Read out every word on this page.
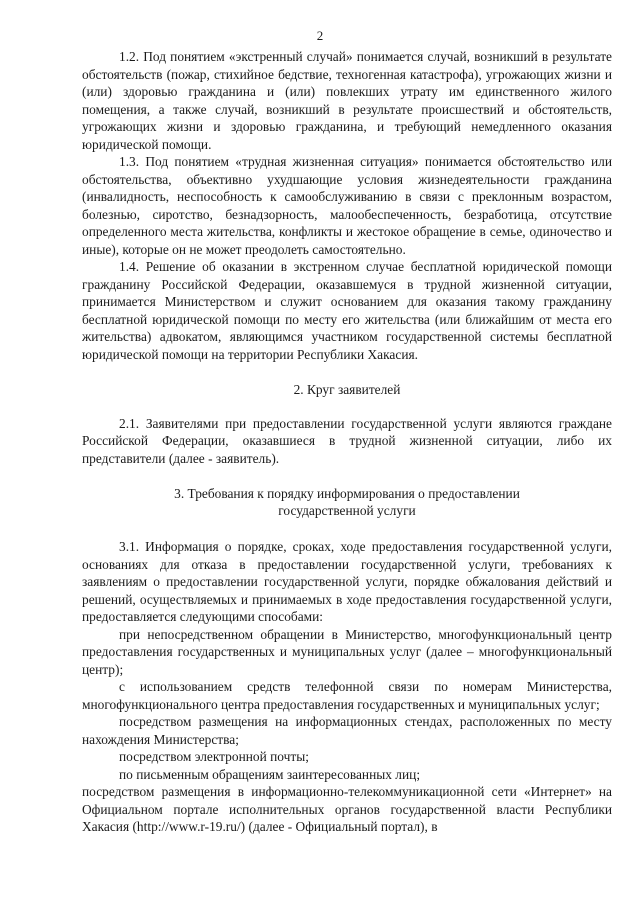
2

1.2. Под понятием «экстренный случай» понимается случай, возникший в результате обстоятельств (пожар, стихийное бедствие, техногенная катастрофа), угрожающих жизни и (или) здоровью гражданина и (или) повлекших утрату им единственного жилого помещения, а также случай, возникший в результате происшествий и обстоятельств, угрожающих жизни и здоровью гражданина, и требующий немедленного оказания юридической помощи.

1.3. Под понятием «трудная жизненная ситуация» понимается обстоятельство или обстоятельства, объективно ухудшающие условия жизнедеятельности гражданина (инвалидность, неспособность к самообслуживанию в связи с преклонным возрастом, болезнью, сиротство, безнадзорность, малообеспеченность, безработица, отсутствие определенного места жительства, конфликты и жестокое обращение в семье, одиночество и иные), которые он не может преодолеть самостоятельно.

1.4. Решение об оказании в экстренном случае бесплатной юридической помощи гражданину Российской Федерации, оказавшемуся в трудной жизненной ситуации, принимается Министерством и служит основанием для оказания такому гражданину бесплатной юридической помощи по месту его жительства (или ближайшим от места его жительства) адвокатом, являющимся участником государственной системы бесплатной юридической помощи на территории Республики Хакасия.

2. Круг заявителей

2.1. Заявителями при предоставлении государственной услуги являются граждане Российской Федерации, оказавшиеся в трудной жизненной ситуации, либо их представители (далее - заявитель).

3. Требования к порядку информирования о предоставлении
государственной услуги

3.1. Информация о порядке, сроках, ходе предоставления государственной услуги, основаниях для отказа в предоставлении государственной услуги, требованиях к заявлениям о предоставлении государственной услуги, порядке обжалования действий и решений, осуществляемых и принимаемых в ходе предоставления государственной услуги, предоставляется следующими способами:

при непосредственном обращении в Министерство, многофункциональный центр предоставления государственных и муниципальных услуг (далее – многофункциональный центр);

с использованием средств телефонной связи по номерам Министерства, многофункционального центра предоставления государственных и муниципальных услуг;

посредством размещения на информационных стендах, расположенных по месту нахождения Министерства;

посредством электронной почты;

по письменным обращениям заинтересованных лиц;

посредством размещения в информационно-телекоммуникационной сети «Интернет» на Официальном портале исполнительных органов государственной власти Республики Хакасия (http://www.r-19.ru/) (далее - Официальный портал), в
